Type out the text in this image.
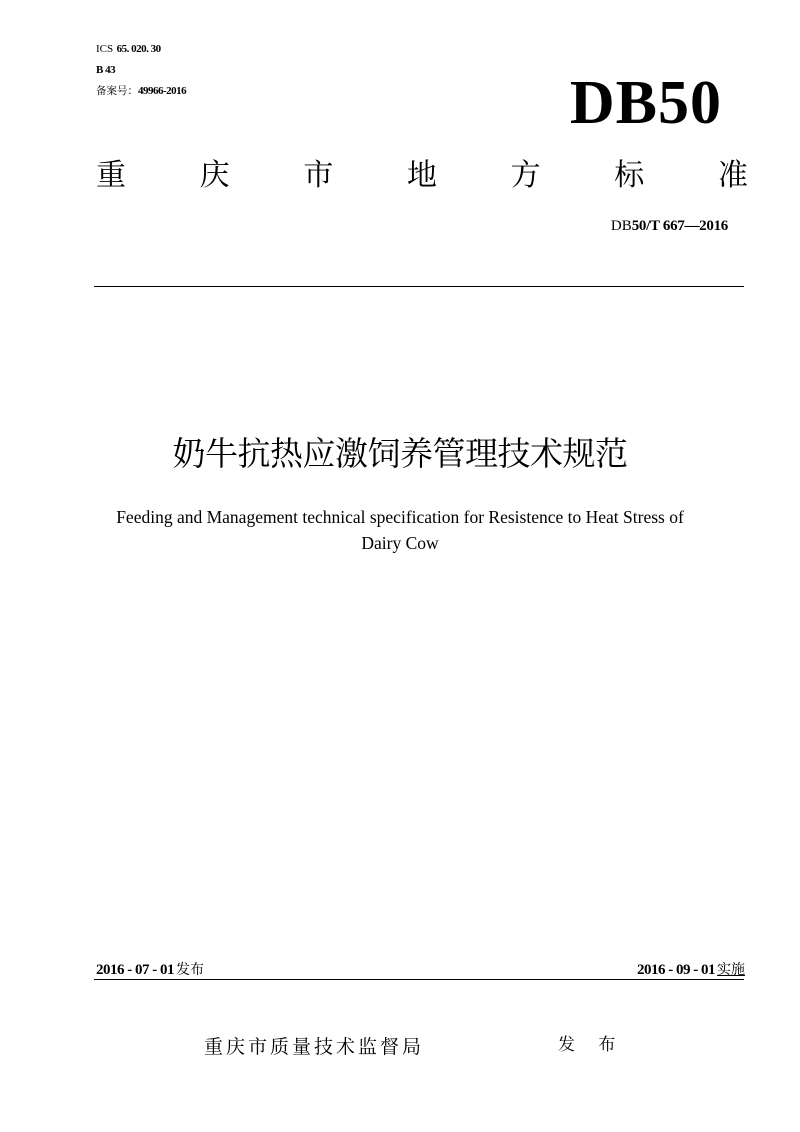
ICS 65. 020. 30
B 43
备案号：49966-2016	DB50
重 庆 市 地 方 标 准
DB50/T 667—2016
奶牛抗热应激饲养管理技术规范
Feeding and Management technical specification for Resistence to Heat Stress of
Dairy Cow
2016 - 07 - 01 发布	2016 - 09 - 01 实施
重庆市质量技术监督局	发 布
